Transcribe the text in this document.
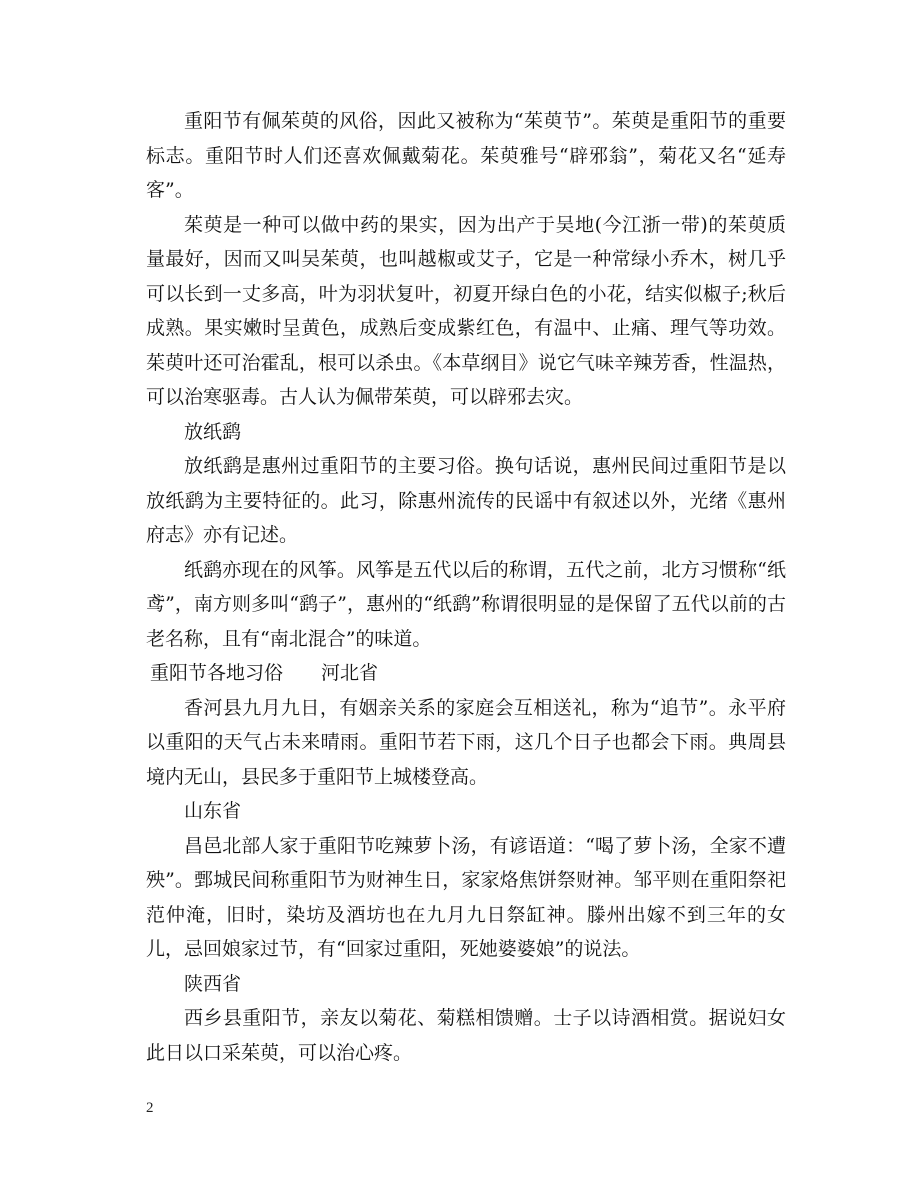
重阳节有佩茱萸的风俗，因此又被称为“茱萸节”。茱萸是重阳节的重要标志。重阳节时人们还喜欢佩戴菊花。茱萸雅号“辟邪翁”，菊花又名“延寿客”。

茱萸是一种可以做中药的果实，因为出产于吴地(今江浙一带)的茱萸质量最好，因而又叫吴茱萸，也叫越椒或艾子，它是一种常绿小乔木，树几乎可以长到一丈多高，叶为羽状复叶，初夏开绿白色的小花，结实似椒子;秋后成熟。果实嫩时呈黄色，成熟后变成紫红色，有温中、止痛、理气等功效。茱萸叶还可治霍乱，根可以杀虫。《本草纲目》说它气味辛辣芳香，性温热，可以治寒驱毒。古人认为佩带茱萸，可以辟邪去灾。

放纸鹞

放纸鹞是惠州过重阳节的主要习俗。换句话说，惠州民间过重阳节是以放纸鹞为主要特征的。此习，除惠州流传的民谣中有叙述以外，光绪《惠州府志》亦有记述。

纸鹞亦现在的风筝。风筝是五代以后的称谓，五代之前，北方习惯称“纸鸢”，南方则多叫“鹞子”，惠州的“纸鹞”称谓很明显的是保留了五代以前的古老名称，且有“南北混合”的味道。

重阳节各地习俗 河北省

香河县九月九日，有姻亲关系的家庭会互相送礼，称为“追节”。永平府以重阳的天气占未来晴雨。重阳节若下雨，这几个日子也都会下雨。典周县境内无山，县民多于重阳节上城楼登高。

山东省

昌邑北部人家于重阳节吃辣萝卜汤，有谚语道：“喝了萝卜汤，全家不遭殃”。鄄城民间称重阳节为财神生日，家家烙焦饼祭财神。邹平则在重阳祭祀范仲淹，旧时，染坊及酒坊也在九月九日祭缸神。滕州出嫁不到三年的女儿，忌回娘家过节，有“回家过重阳，死她婆婆娘”的说法。

陕西省

西乡县重阳节，亲友以菊花、菊糕相馈赠。士子以诗酒相赏。据说妇女此日以口采茱萸，可以治心疼。

2
